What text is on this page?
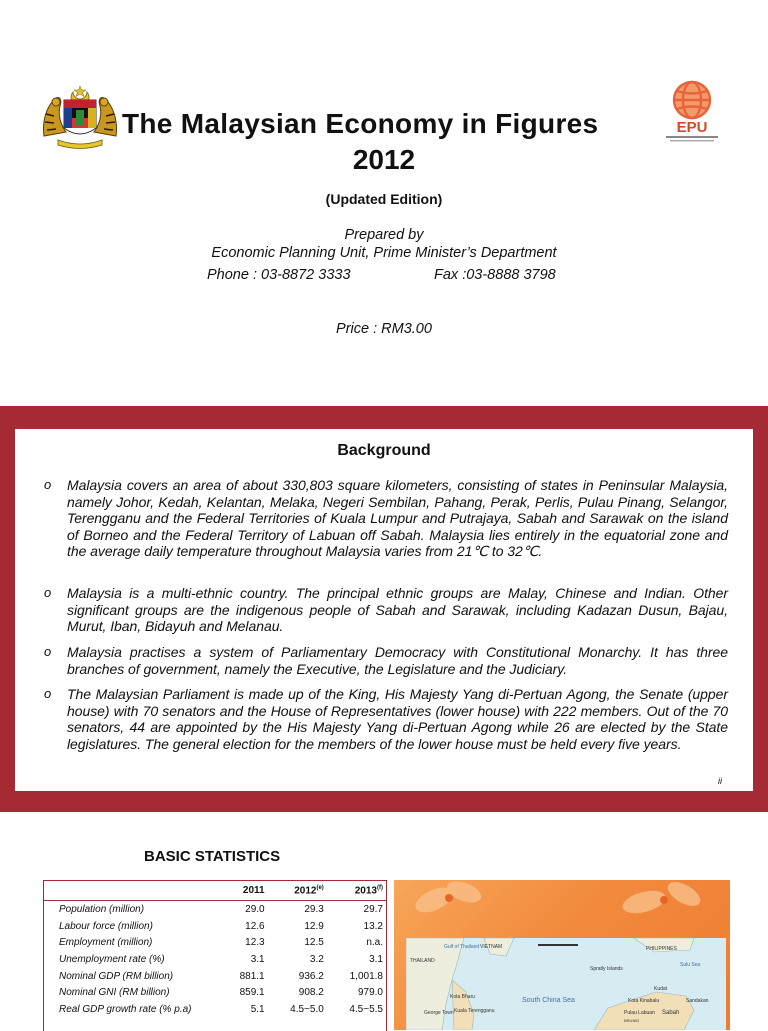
The Malaysian Economy in Figures
2012
EPU
(Updated Edition)
Prepared by
Economic Planning Unit, Prime Minister’s Department
Phone : 03-8872 3333	Fax :03-8888 3798
Price : RM3.00
Background
o Malaysia covers an area of about 330,803 square kilometers, consisting of states in Peninsular Malaysia, namely Johor, Kedah, Kelantan, Melaka, Negeri Sembilan, Pahang, Perak, Perlis, Pulau Pinang, Selangor, Terengganu and the Federal Territories of Kuala Lumpur and Putrajaya, Sabah and Sarawak on the island of Borneo and the Federal Territory of Labuan off Sabah. Malaysia lies entirely in the equatorial zone and the average daily temperature throughout Malaysia varies from 21℃ to 32℃.
o Malaysia is a multi-ethnic country. The principal ethnic groups are Malay, Chinese and Indian. Other significant groups are the indigenous people of Sabah and Sarawak, including Kadazan Dusun, Bajau, Murut, Iban, Bidayuh and Melanau.
o Malaysia practises a system of Parliamentary Democracy with Constitutional Monarchy. It has three branches of government, namely the Executive, the Legislature and the Judiciary.
o The Malaysian Parliament is made up of the King, His Majesty Yang di-Pertuan Agong, the Senate (upper house) with 70 senators and the House of Representatives (lower house) with 222 members. Out of the 70 senators, 44 are appointed by the His Majesty Yang di-Pertuan Agong while 26 are elected by the State legislatures. The general election for the members of the lower house must be held every five years.
ii
BASIC STATISTICS
	2011	2012$^{(e)}$	2013$^{(f)}$
Population (million)	29.0	29.3	29.7
Labour force (million)	12.6	12.9	13.2
Employment (million)	12.3	12.5	n.a.
Unemployment rate (%)	3.1	3.2	3.1
Nominal GDP (RM billion)	881.1	936.2	1,001.8
Nominal GNI (RM billion)	859.1	908.2	979.0
Real GDP growth rate (% p.a)	5.1	4.5~5.0	4.5~5.5
VIETNAM	PHILIPPINES
Gulf of Thailand
THAILAND
South China Sea
Sulu Sea
Kota Bharu
Kuala Terengganu
George Town
Spratly Islands
Kudat
Kota Kinabalu	Sandakan
Pulau Labuan Sabah
BRUNEI
